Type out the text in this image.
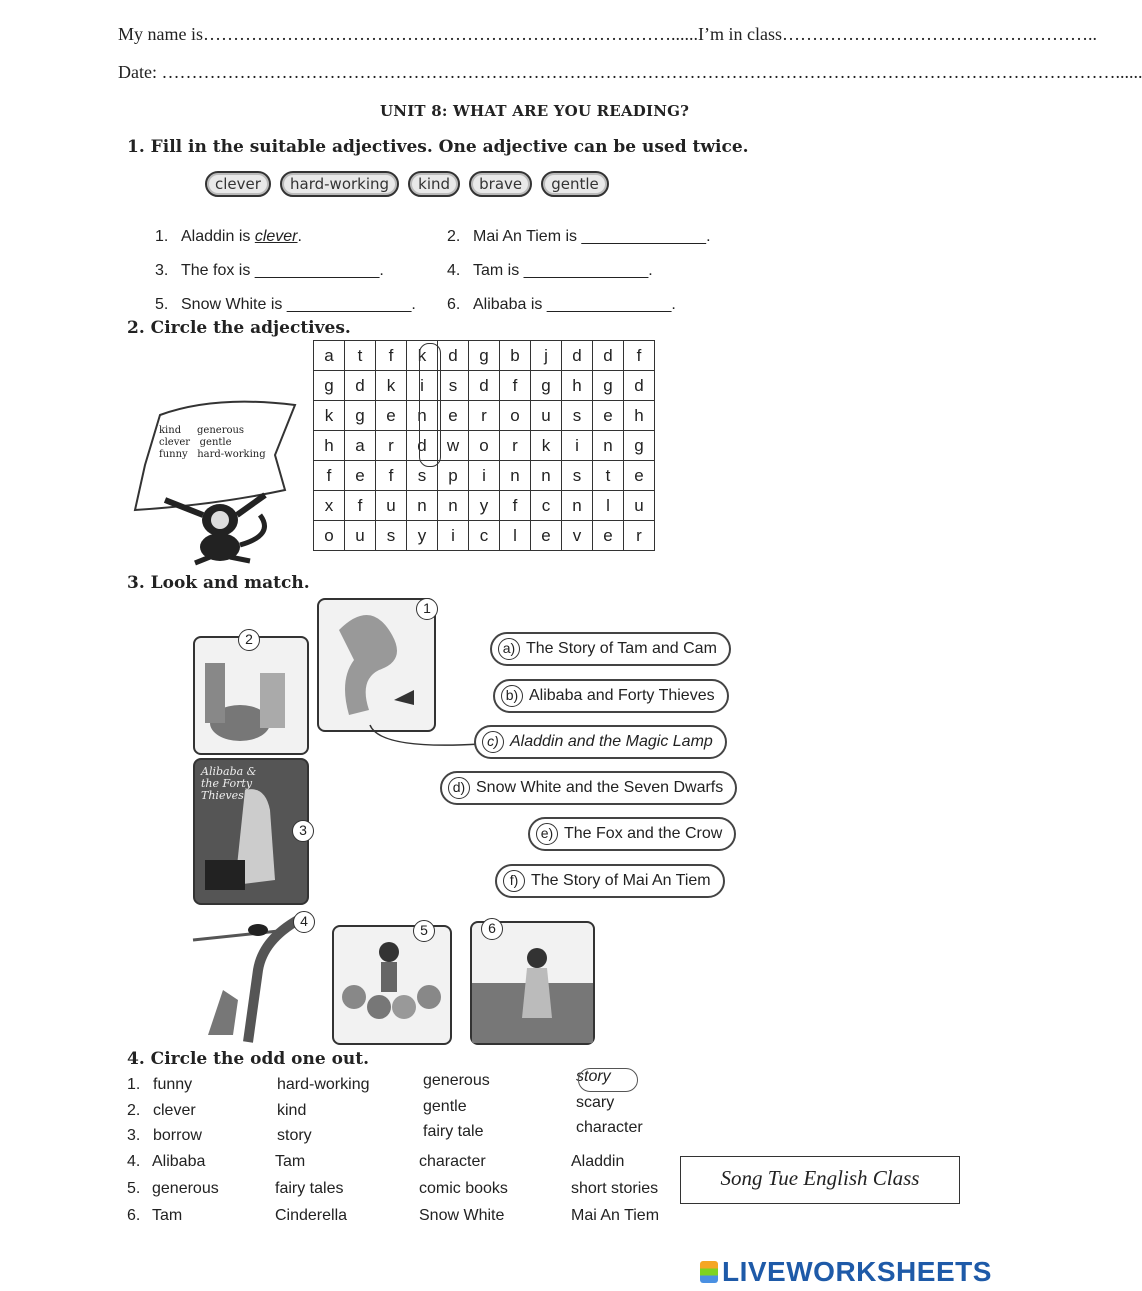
My name is……………………………………………………………………......I’m in class……………………………………………..
Date: ……………………………………………………………………………………………………………………………………………......
UNIT 8: WHAT ARE YOU READING?
1. Fill in the suitable adjectives. One adjective can be used twice.
clever hard-working kind brave gentle
1. Aladdin is clever.	2. Mai An Tiem is ______________.
3. The fox is ______________.	4. Tam is ______________.
5. Snow White is ______________. 6. Alibaba is ______________.
2. Circle the adjectives.
kind generous
clever gentle
funny hard-working
a	t	f	k	d	g	b	j	d	d	f
g	d	k	i	s	d	f	g	h	g	d
k	g	e	n	e	r	o	u	s	e	h
h	a	r	d	w	o	r	k	i	n	g
f	e	f	s	p	i	n	n	s	t	e
x	f	u	n	n	y	f	c	n	l	u
o	u	s	y	i	c	l	e	v	e	r
3. Look and match.
1
2
Alibaba & the Forty Thieves
3
4
5	6
a) The Story of Tam and Cam
b) Alibaba and Forty Thieves
c) Aladdin and the Magic Lamp
d) Snow White and the Seven Dwarfs
e) The Fox and the Crow
f) The Story of Mai An Tiem
4. Circle the odd one out.
1. funny	hard-working	generous	story
2. clever	kind	gentle	scary
3. borrow	story	fairy tale	character
4. Alibaba	Tam	character	Aladdin
5. generous	fairy tales	comic books	short stories
6. Tam	Cinderella	Snow White	Mai An Tiem
Song Tue English Class
LIVEWORKSHEETS
